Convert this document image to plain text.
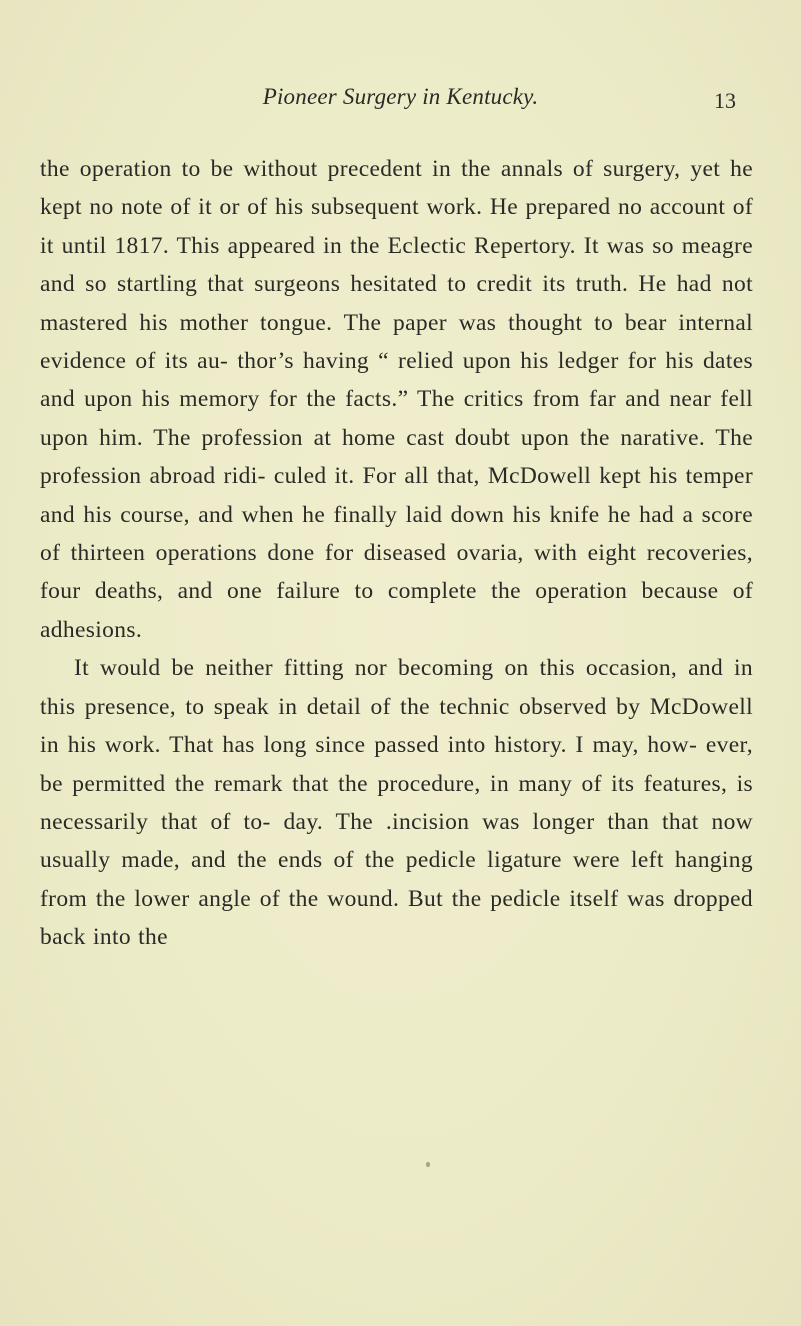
Pioneer Surgery in Kentucky.	13

the operation to be without precedent in the annals of surgery, yet he kept no note of it or of his subsequent work. He prepared no account of it until 1817. This appeared in the Eclectic Repertory. It was so meagre and so startling that surgeons hesitated to credit its truth. He had not mastered his mother tongue. The paper was thought to bear internal evidence of its au- thor’s having “ relied upon his ledger for his dates and upon his memory for the facts.” The critics from far and near fell upon him. The profession at home cast doubt upon the narative. The profession abroad ridi- culed it. For all that, McDowell kept his temper and his course, and when he finally laid down his knife he had a score of thirteen operations done for diseased ovaria, with eight recoveries, four deaths, and one failure to complete the operation because of adhesions.

It would be neither fitting nor becoming on this occasion, and in this presence, to speak in detail of the technic observed by McDowell in his work. That has long since passed into history. I may, how- ever, be permitted the remark that the procedure, in many of its features, is necessarily that of to- day. The .incision was longer than that now usually made, and the ends of the pedicle ligature were left hanging from the lower angle of the wound. But the pedicle itself was dropped back into the
